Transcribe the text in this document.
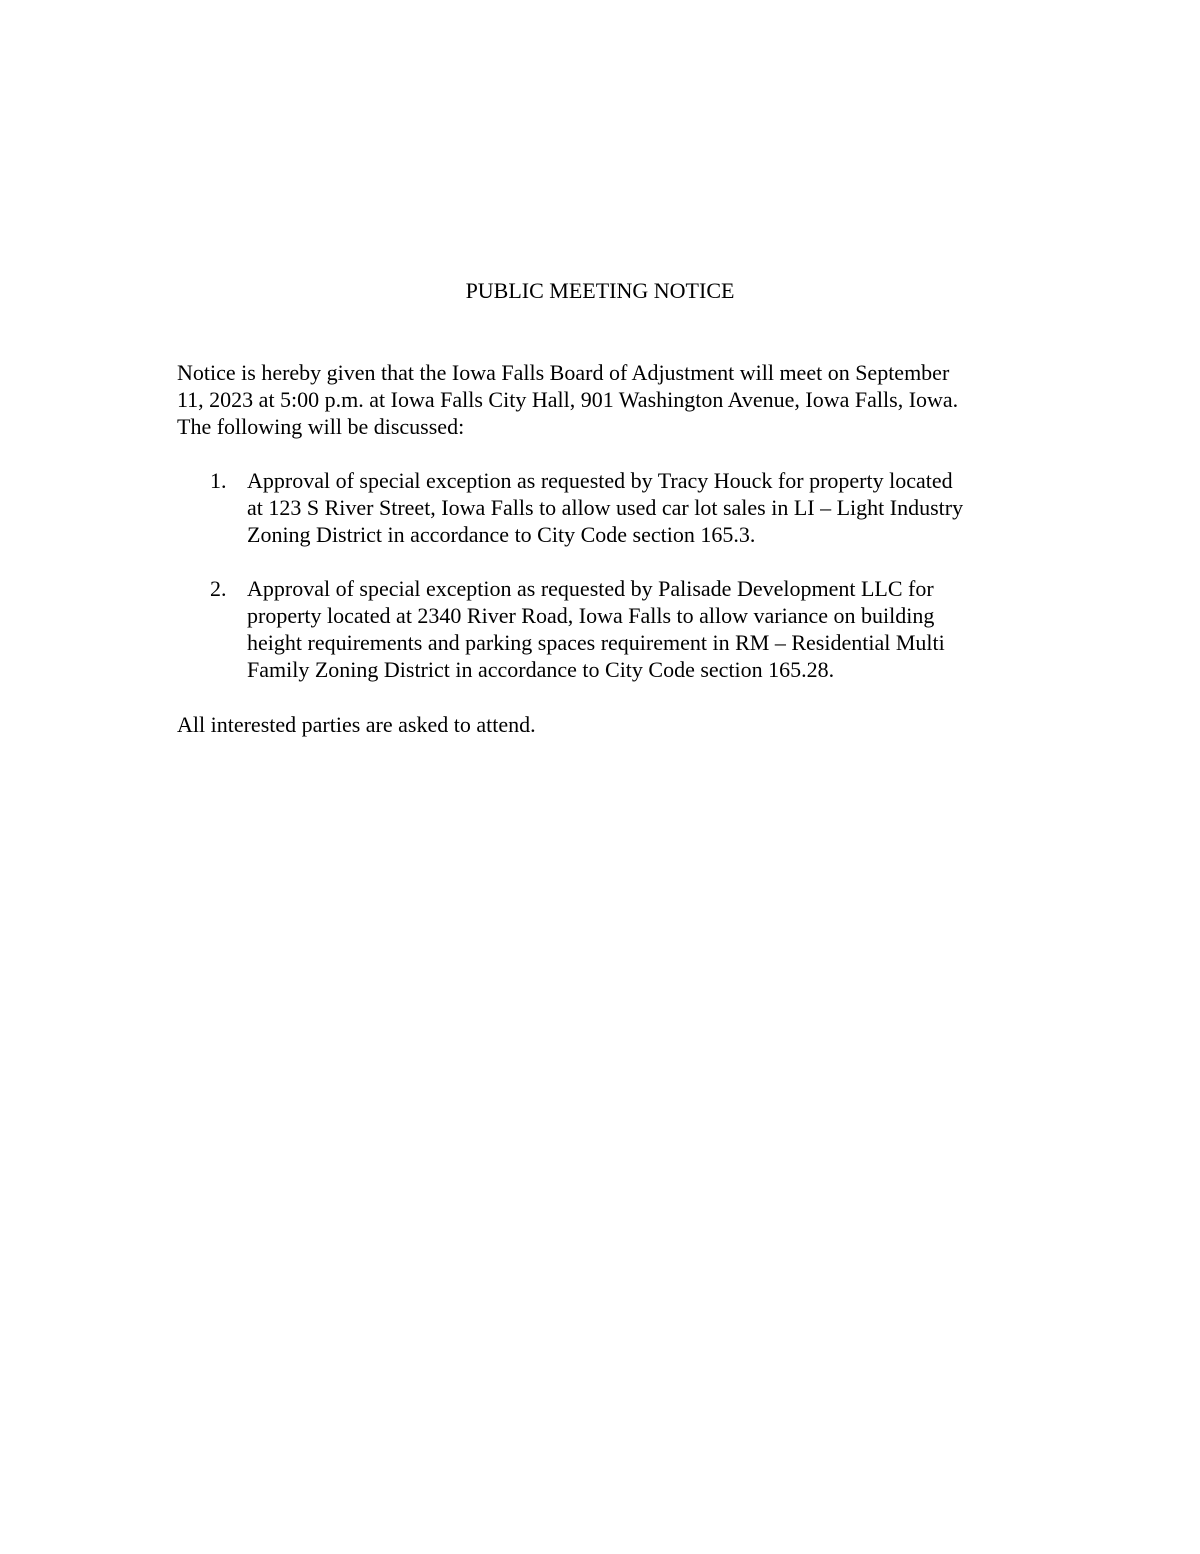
PUBLIC MEETING NOTICE

Notice is hereby given that the Iowa Falls Board of Adjustment will meet on September
11, 2023 at 5:00 p.m. at Iowa Falls City Hall, 901 Washington Avenue, Iowa Falls, Iowa.
The following will be discussed:

1. Approval of special exception as requested by Tracy Houck for property located
at 123 S River Street, Iowa Falls to allow used car lot sales in LI – Light Industry
Zoning District in accordance to City Code section 165.3.
2. Approval of special exception as requested by Palisade Development LLC for
property located at 2340 River Road, Iowa Falls to allow variance on building
height requirements and parking spaces requirement in RM – Residential Multi
Family Zoning District in accordance to City Code section 165.28.

All interested parties are asked to attend.
